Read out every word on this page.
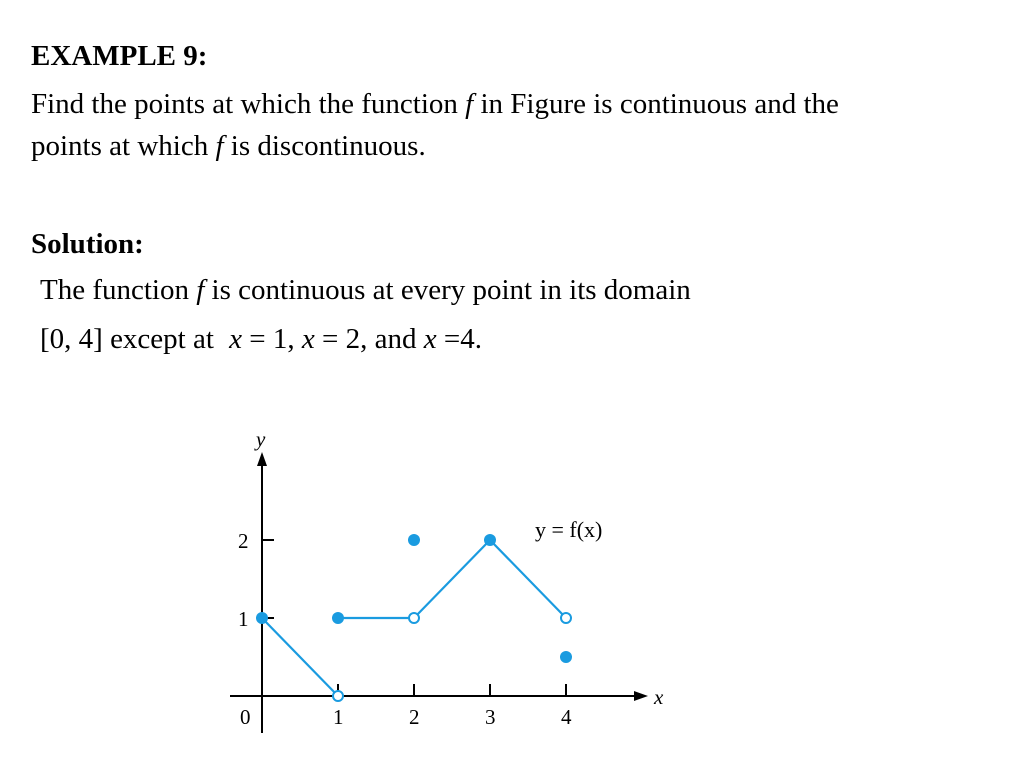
EXAMPLE 9:
Find the points at which the function f in Figure is continuous and the
points at which f is discontinuous.
Solution:
The function f is continuous at every point in its domain
[0, 4] except at x = 1, x = 2, and x =4.
0	1	2	3	4
1
2
x
y
y = f(x)
